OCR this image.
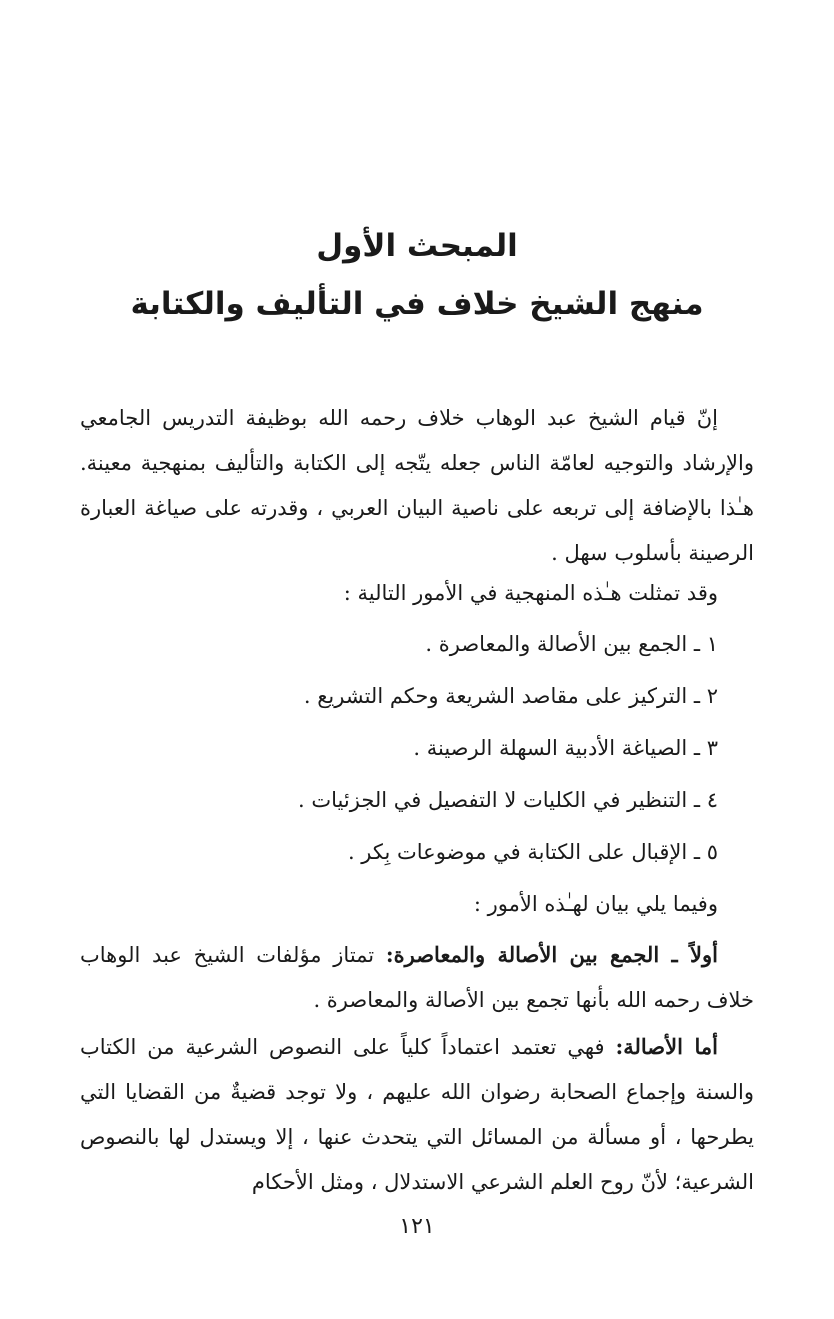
المبحث الأول
منهج الشيخ خلاف في التأليف والكتابة

إنّ قيام الشيخ عبد الوهاب خلاف رحمه الله بوظيفة التدريس الجامعي والإرشاد والتوجيه لعامّة الناس جعله يتّجه إلى الكتابة والتأليف بمنهجية معينة. هـٰذا بالإضافة إلى تربعه على ناصية البيان العربي ، وقدرته على صياغة العبارة الرصينة بأسلوب سهل .

وقد تمثلت هـٰذه المنهجية في الأمور التالية :

١ ـ الجمع بين الأصالة والمعاصرة .

٢ ـ التركيز على مقاصد الشريعة وحكم التشريع .

٣ ـ الصياغة الأدبية السهلة الرصينة .

٤ ـ التنظير في الكليات لا التفصيل في الجزئيات .

٥ ـ الإقبال على الكتابة في موضوعات بِكر .

وفيما يلي بيان لهـٰذه الأمور :

أولاً ـ الجمع بين الأصالة والمعاصرة: تمتاز مؤلفات الشيخ عبد الوهاب خلاف رحمه الله بأنها تجمع بين الأصالة والمعاصرة .

أما الأصالة: فهي تعتمد اعتماداً كلياً على النصوص الشرعية من الكتاب والسنة وإجماع الصحابة رضوان الله عليهم ، ولا توجد قضيةٌ من القضايا التي يطرحها ، أو مسألة من المسائل التي يتحدث عنها ، إلا ويستدل لها بالنصوص الشرعية؛ لأنّ روح العلم الشرعي الاستدلال ، ومثل الأحكام

١٢١
